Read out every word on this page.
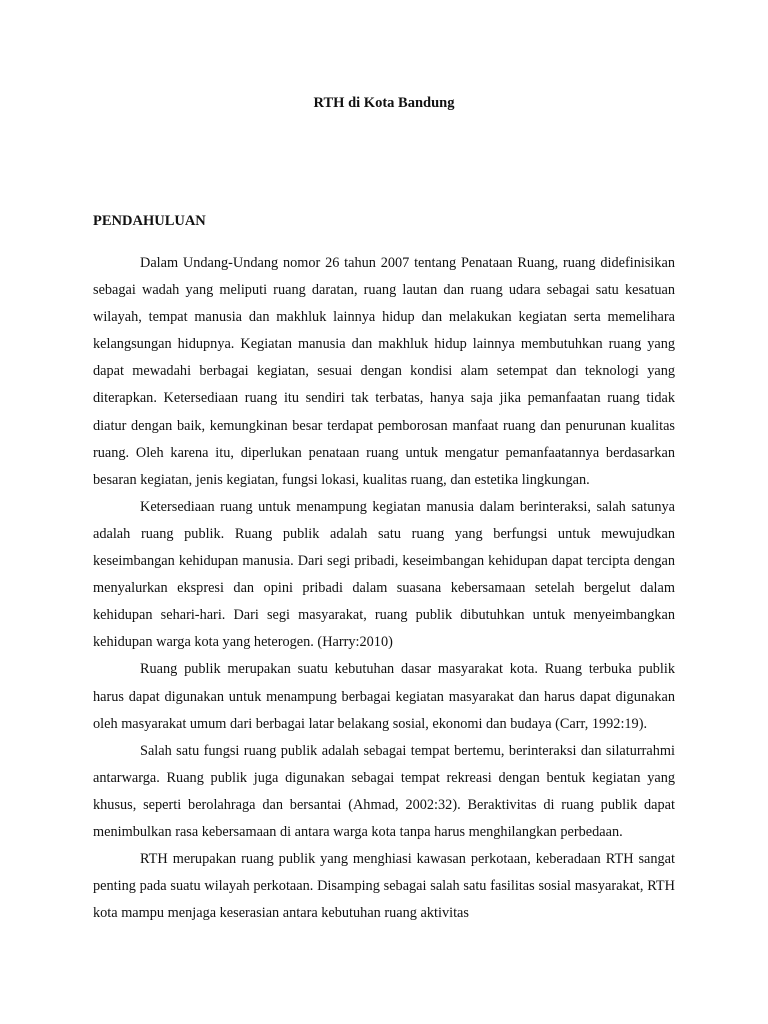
RTH di Kota Bandung
PENDAHULUAN

Dalam Undang-Undang nomor 26 tahun 2007 tentang Penataan Ruang, ruang didefinisikan sebagai wadah yang meliputi ruang daratan, ruang lautan dan ruang udara sebagai satu kesatuan wilayah, tempat manusia dan makhluk lainnya hidup dan melakukan kegiatan serta memelihara kelangsungan hidupnya. Kegiatan manusia dan makhluk hidup lainnya membutuhkan ruang yang dapat mewadahi berbagai kegiatan, sesuai dengan kondisi alam setempat dan teknologi yang diterapkan. Ketersediaan ruang itu sendiri tak terbatas, hanya saja jika pemanfaatan ruang tidak diatur dengan baik, kemungkinan besar terdapat pemborosan manfaat ruang dan penurunan kualitas ruang. Oleh karena itu, diperlukan penataan ruang untuk mengatur pemanfaatannya berdasarkan besaran kegiatan, jenis kegiatan, fungsi lokasi, kualitas ruang, dan estetika lingkungan.

Ketersediaan ruang untuk menampung kegiatan manusia dalam berinteraksi, salah satunya adalah ruang publik. Ruang publik adalah satu ruang yang berfungsi untuk mewujudkan keseimbangan kehidupan manusia. Dari segi pribadi, keseimbangan kehidupan dapat tercipta dengan menyalurkan ekspresi dan opini pribadi dalam suasana kebersamaan setelah bergelut dalam kehidupan sehari-hari. Dari segi masyarakat, ruang publik dibutuhkan untuk menyeimbangkan kehidupan warga kota yang heterogen. (Harry:2010)

Ruang publik merupakan suatu kebutuhan dasar masyarakat kota. Ruang terbuka publik harus dapat digunakan untuk menampung berbagai kegiatan masyarakat dan harus dapat digunakan oleh masyarakat umum dari berbagai latar belakang sosial, ekonomi dan budaya (Carr, 1992:19).

Salah satu fungsi ruang publik adalah sebagai tempat bertemu, berinteraksi dan silaturrahmi antarwarga. Ruang publik juga digunakan sebagai tempat rekreasi dengan bentuk kegiatan yang khusus, seperti berolahraga dan bersantai (Ahmad, 2002:32). Beraktivitas di ruang publik dapat menimbulkan rasa kebersamaan di antara warga kota tanpa harus menghilangkan perbedaan.

RTH merupakan ruang publik yang menghiasi kawasan perkotaan, keberadaan RTH sangat penting pada suatu wilayah perkotaan. Disamping sebagai salah satu fasilitas sosial masyarakat, RTH kota mampu menjaga keserasian antara kebutuhan ruang aktivitas
